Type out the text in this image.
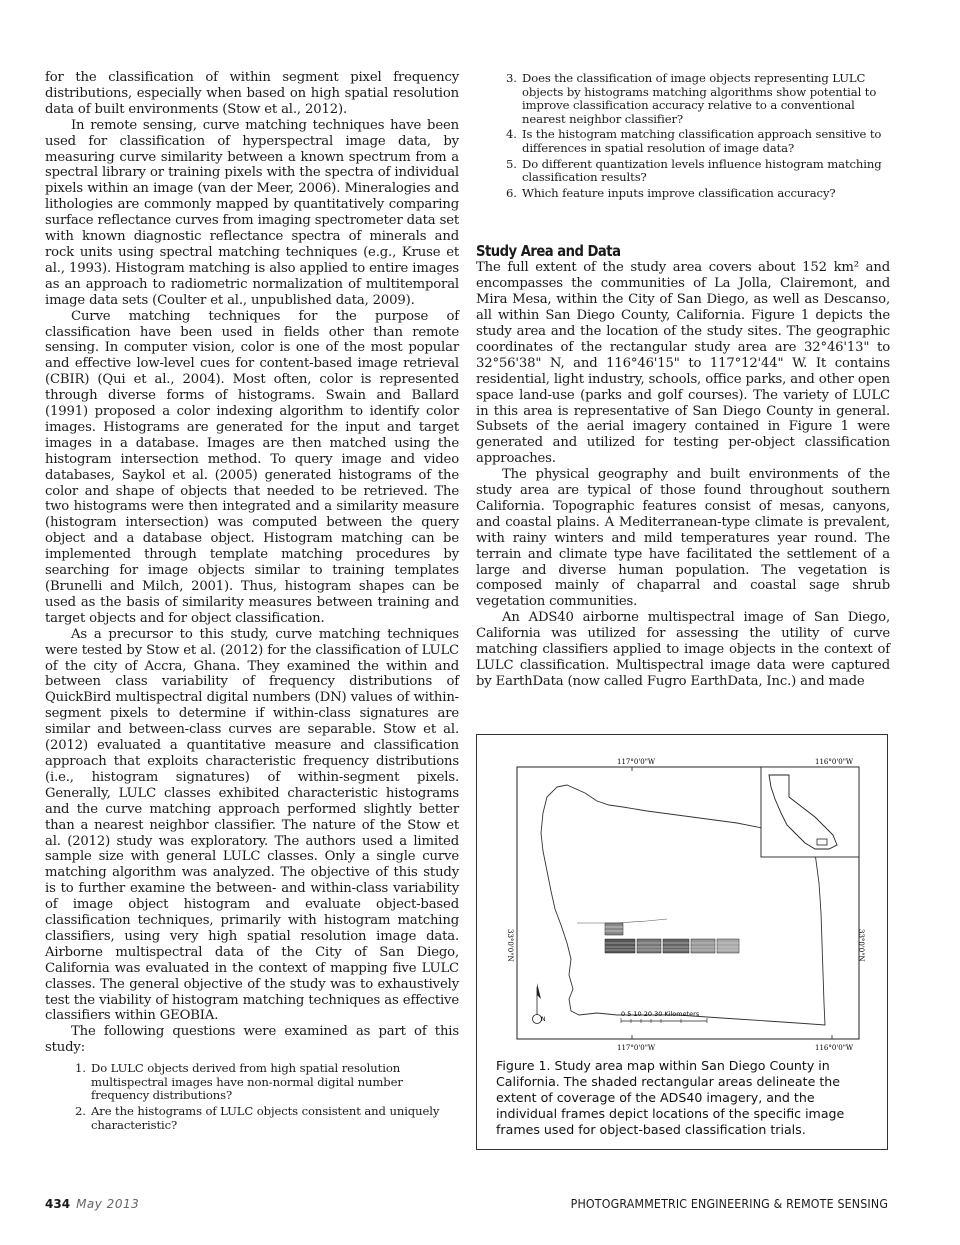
for the classification of within segment pixel frequency distributions, especially when based on high spatial resolution data of built environments (Stow et al., 2012).

In remote sensing, curve matching techniques have been used for classification of hyperspectral image data, by measuring curve similarity between a known spectrum from a spectral library or training pixels with the spectra of individual pixels within an image (van der Meer, 2006). Mineralogies and lithologies are commonly mapped by quantitatively comparing surface reflectance curves from imaging spectrometer data set with known diagnostic reflectance spectra of minerals and rock units using spectral matching techniques (e.g., Kruse et al., 1993). Histogram matching is also applied to entire images as an approach to radiometric normalization of multitemporal image data sets (Coulter et al., unpublished data, 2009).

Curve matching techniques for the purpose of classification have been used in fields other than remote sensing. In computer vision, color is one of the most popular and effective low-level cues for content-based image retrieval (CBIR) (Qui et al., 2004). Most often, color is represented through diverse forms of histograms. Swain and Ballard (1991) proposed a color indexing algorithm to identify color images. Histograms are generated for the input and target images in a database. Images are then matched using the histogram intersection method. To query image and video databases, Saykol et al. (2005) generated histograms of the color and shape of objects that needed to be retrieved. The two histograms were then integrated and a similarity measure (histogram intersection) was computed between the query object and a database object. Histogram matching can be implemented through template matching procedures by searching for image objects similar to training templates (Brunelli and Milch, 2001). Thus, histogram shapes can be used as the basis of similarity measures between training and target objects and for object classification.

As a precursor to this study, curve matching techniques were tested by Stow et al. (2012) for the classification of LULC of the city of Accra, Ghana. They examined the within and between class variability of frequency distributions of QuickBird multispectral digital numbers (DN) values of within-segment pixels to determine if within-class signatures are similar and between-class curves are separable. Stow et al. (2012) evaluated a quantitative measure and classification approach that exploits characteristic frequency distributions (i.e., histogram signatures) of within-segment pixels. Generally, LULC classes exhibited characteristic histograms and the curve matching approach performed slightly better than a nearest neighbor classifier. The nature of the Stow et al. (2012) study was exploratory. The authors used a limited sample size with general LULC classes. Only a single curve matching algorithm was analyzed. The objective of this study is to further examine the between- and within-class variability of image object histogram and evaluate object-based classification techniques, primarily with histogram matching classifiers, using very high spatial resolution image data. Airborne multispectral data of the City of San Diego, California was evaluated in the context of mapping five LULC classes. The general objective of the study was to exhaustively test the viability of histogram matching techniques as effective classifiers within GEOBIA.

The following questions were examined as part of this study:

1. Do LULC objects derived from high spatial resolution multispectral images have non-normal digital number frequency distributions?
2. Are the histograms of LULC objects consistent and uniquely characteristic?
3. Does the classification of image objects representing LULC objects by histograms matching algorithms show potential to improve classification accuracy relative to a conventional nearest neighbor classifier?
4. Is the histogram matching classification approach sensitive to differences in spatial resolution of image data?
5. Do different quantization levels influence histogram matching classification results?
6. Which feature inputs improve classification accuracy?
Study Area and Data

The full extent of the study area covers about 152 km² and encompasses the communities of La Jolla, Clairemont, and Mira Mesa, within the City of San Diego, as well as Descanso, all within San Diego County, California. Figure 1 depicts the study area and the location of the study sites. The geographic coordinates of the rectangular study area are 32°46'13" to 32°56'38" N, and 116°46'15" to 117°12'44" W. It contains residential, light industry, schools, office parks, and other open space land-use (parks and golf courses). The variety of LULC in this area is representative of San Diego County in general. Subsets of the aerial imagery contained in Figure 1 were generated and utilized for testing per-object classification approaches.

The physical geography and built environments of the study area are typical of those found throughout southern California. Topographic features consist of mesas, canyons, and coastal plains. A Mediterranean-type climate is prevalent, with rainy winters and mild temperatures year round. The terrain and climate type have facilitated the settlement of a large and diverse human population. The vegetation is composed mainly of chaparral and coastal sage shrub vegetation communities.

An ADS40 airborne multispectral image of San Diego, California was utilized for assessing the utility of curve matching classifiers applied to image objects in the context of LULC classification. Multispectral image data were captured by EarthData (now called Fugro EarthData, Inc.) and made

117°0'0"W	116°0'0"W
117°0'0"W	116°0'0"W
33°0'0"N	33°0'0"N
N
0 5 10 20 30 Kilometers
Figure 1. Study area map within San Diego County in California. The shaded rectangular areas delineate the extent of coverage of the ADS40 imagery, and the individual frames depict locations of the specific image frames used for object-based classification trials.
434 May 2013	PHOTOGRAMMETRIC ENGINEERING & REMOTE SENSING
